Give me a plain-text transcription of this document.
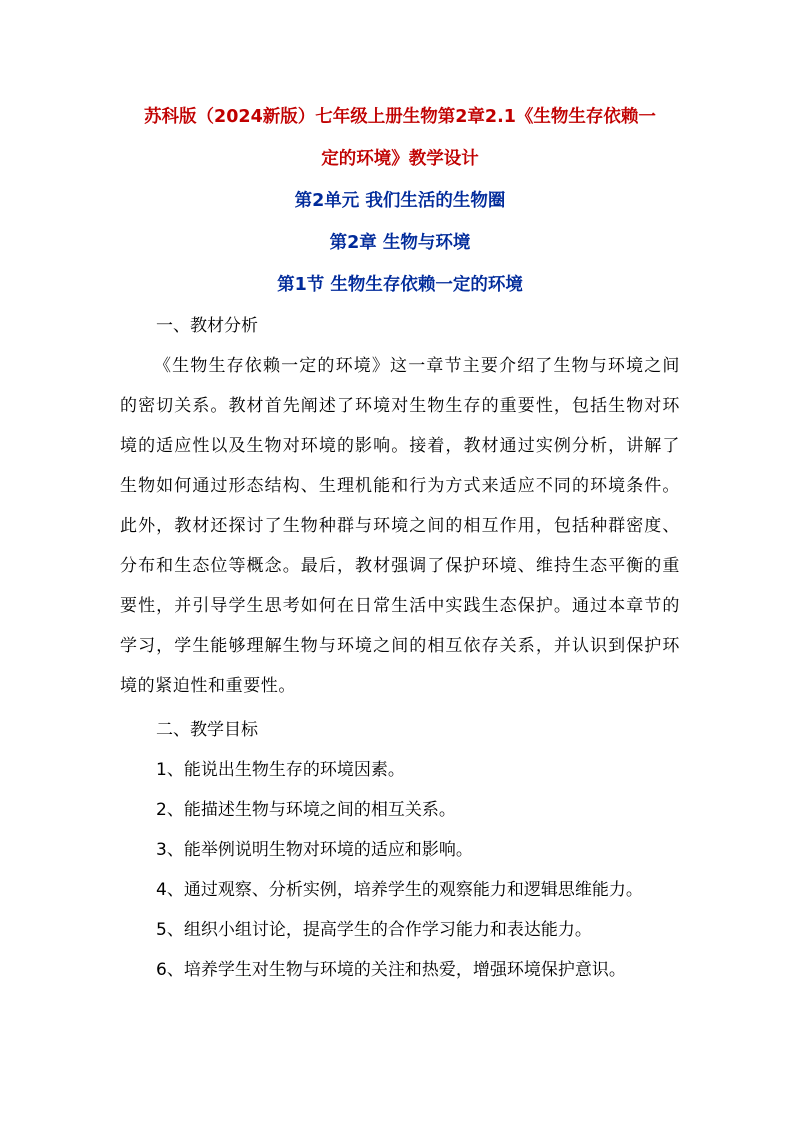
苏科版（2024新版）七年级上册生物第2章2.1《生物生存依赖一

定的环境》教学设计

第2单元 我们生活的生物圈

第2章 生物与环境

第1节 生物生存依赖一定的环境

一、教材分析

《生物生存依赖一定的环境》这一章节主要介绍了生物与环境之间的密切关系。教材首先阐述了环境对生物生存的重要性，包括生物对环境的适应性以及生物对环境的影响。接着，教材通过实例分析，讲解了生物如何通过形态结构、生理机能和行为方式来适应不同的环境条件。此外，教材还探讨了生物种群与环境之间的相互作用，包括种群密度、分布和生态位等概念。最后，教材强调了保护环境、维持生态平衡的重要性，并引导学生思考如何在日常生活中实践生态保护。通过本章节的学习，学生能够理解生物与环境之间的相互依存关系，并认识到保护环境的紧迫性和重要性。

二、教学目标

1、能说出生物生存的环境因素。

2、能描述生物与环境之间的相互关系。

3、能举例说明生物对环境的适应和影响。

4、通过观察、分析实例，培养学生的观察能力和逻辑思维能力。

5、组织小组讨论，提高学生的合作学习能力和表达能力。

6、培养学生对生物与环境的关注和热爱，增强环境保护意识。
